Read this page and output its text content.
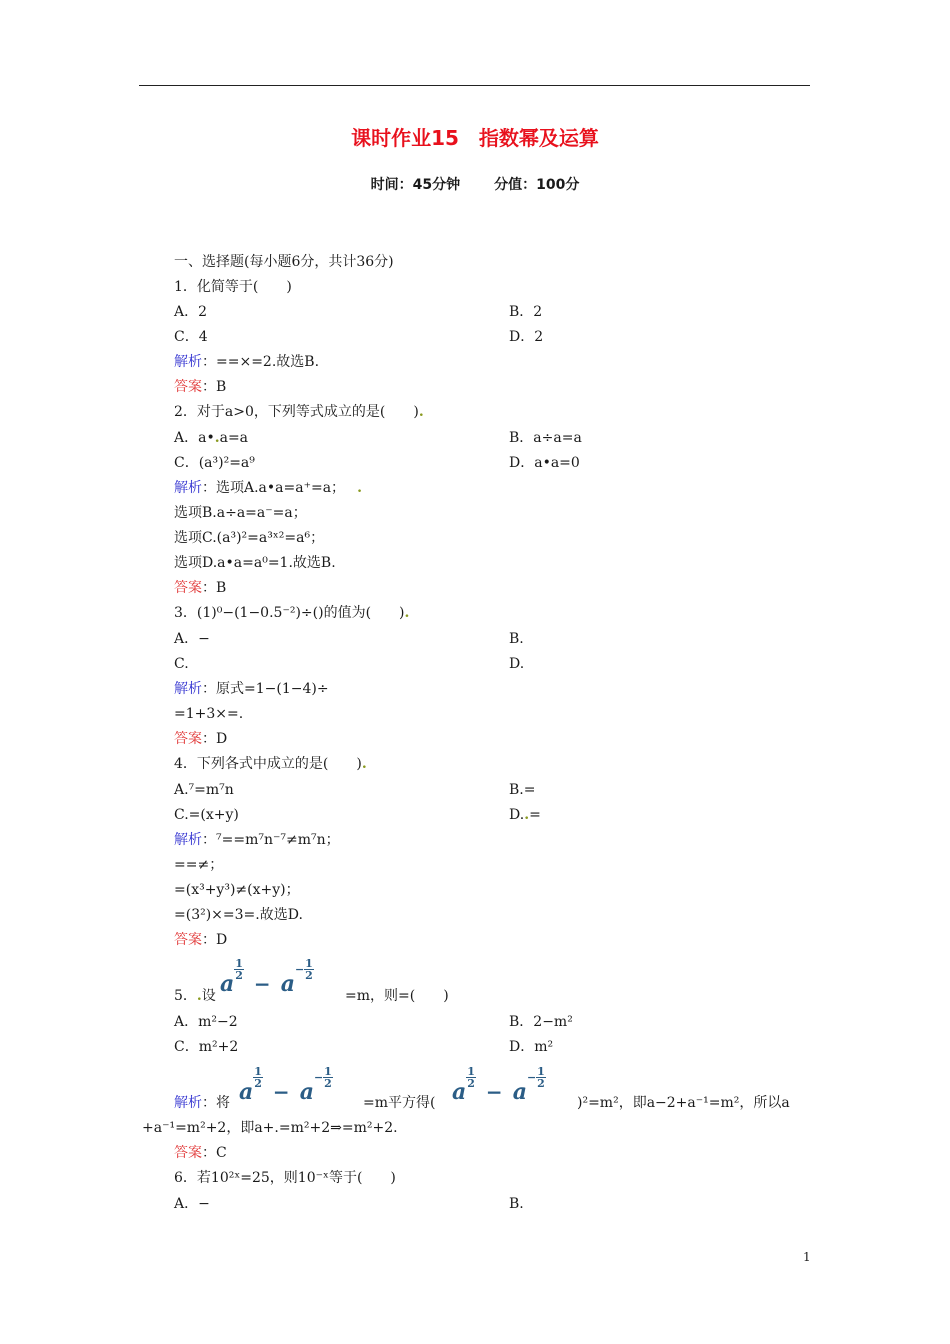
课时作业15　指数幂及运算
时间：45分钟 分值：100分
一、选择题(每小题6分，共计36分)
1．化简等于(　　)
A．2	B．2
C．4	D．2
解析：==×=2.故选B.
答案：B
2．对于a>0，下列等式成立的是(　　).
A．a•.a=a	B．a÷a=a
C．(a³)²=a⁹	D．a•a=0
解析：选项A.a•a=a⁺=a； .
选项B.a÷a=a⁻=a；
选项C.(a³)²=a³ˣ²=a⁶；
选项D.a•a=a⁰=1.故选B.
答案：B
3．(1)⁰−(1−0.5⁻²)÷()的值为(　　).
A．−	B.
C.	D.
解析：原式=1−(1−4)÷
=1+3×=.
答案：D
4．下列各式中成立的是(　　).
A.⁷=m⁷n	B.=
C.=(x+y)	D..=
解析：⁷==m⁷n⁻⁷≠m⁷n；
==≠；
=(x³+y³)≠(x+y)；
=(3²)×=3=.故选D.
答案：D
5．.设 a
$\frac{1}{2}$
− $a^- \frac{1}{2}$
=m，则=(　　)
A．m²−2	B．2−m²
C．m²+2	D．m²
解析：将 a
$\frac{1}{2}$
− $a^- \frac{1}{2}$
=m平方得( a
$\frac{1}{2}$
− $a^- \frac{1}{2}$
)²=m²，即a−2+a⁻¹=m²，所以a
+a⁻¹=m²+2，即a+.=m²+2⇒=m²+2.
答案：C
6．若10²ˣ=25，则10⁻ˣ等于(　　)
A．−	B.
1
